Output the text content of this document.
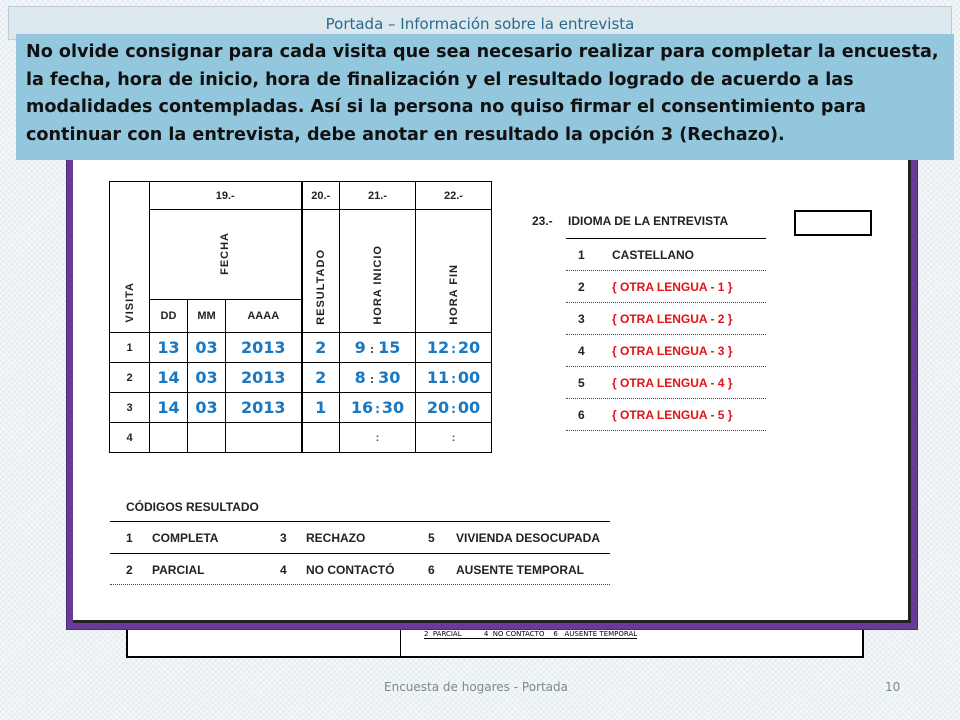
Portada – Información sobre la entrevista
2  PARCIAL          4  NO CONTACTO    6   AUSENTE TEMPORAL
VISITA	19.-			20.-	21.-	22.-
	FECHA			RESULTADO	HORA INICIO	HORA FIN
	DD	MM	AAAA			
1	13	03	2013	2	9 : 15	12 : 20
2	14	03	2013	2	8 : 30	11 : 00
3	14	03	2013	1	16 : 30	20 : 00
4					:	:
23.- IDIOMA DE LA ENTREVISTA
1 CASTELLANO
2 { OTRA LENGUA - 1 }
3 { OTRA LENGUA - 2 }
4 { OTRA LENGUA - 3 }
5 { OTRA LENGUA - 4 }
6 { OTRA LENGUA - 5 }
CÓDIGOS RESULTADO
1 COMPLETA	3 RECHAZO	5 VIVIENDA DESOCUPADA
2 PARCIAL	4 NO CONTACTÓ	6 AUSENTE TEMPORAL
No olvide consignar para cada visita que sea necesario realizar para completar la encuesta, la fecha, hora de inicio, hora de finalización y el resultado logrado de acuerdo a las modalidades contempladas. Así si la persona no quiso firmar el consentimiento para continuar con la entrevista, debe anotar en resultado la opción 3 (Rechazo).
Encuesta de hogares - Portada	10
